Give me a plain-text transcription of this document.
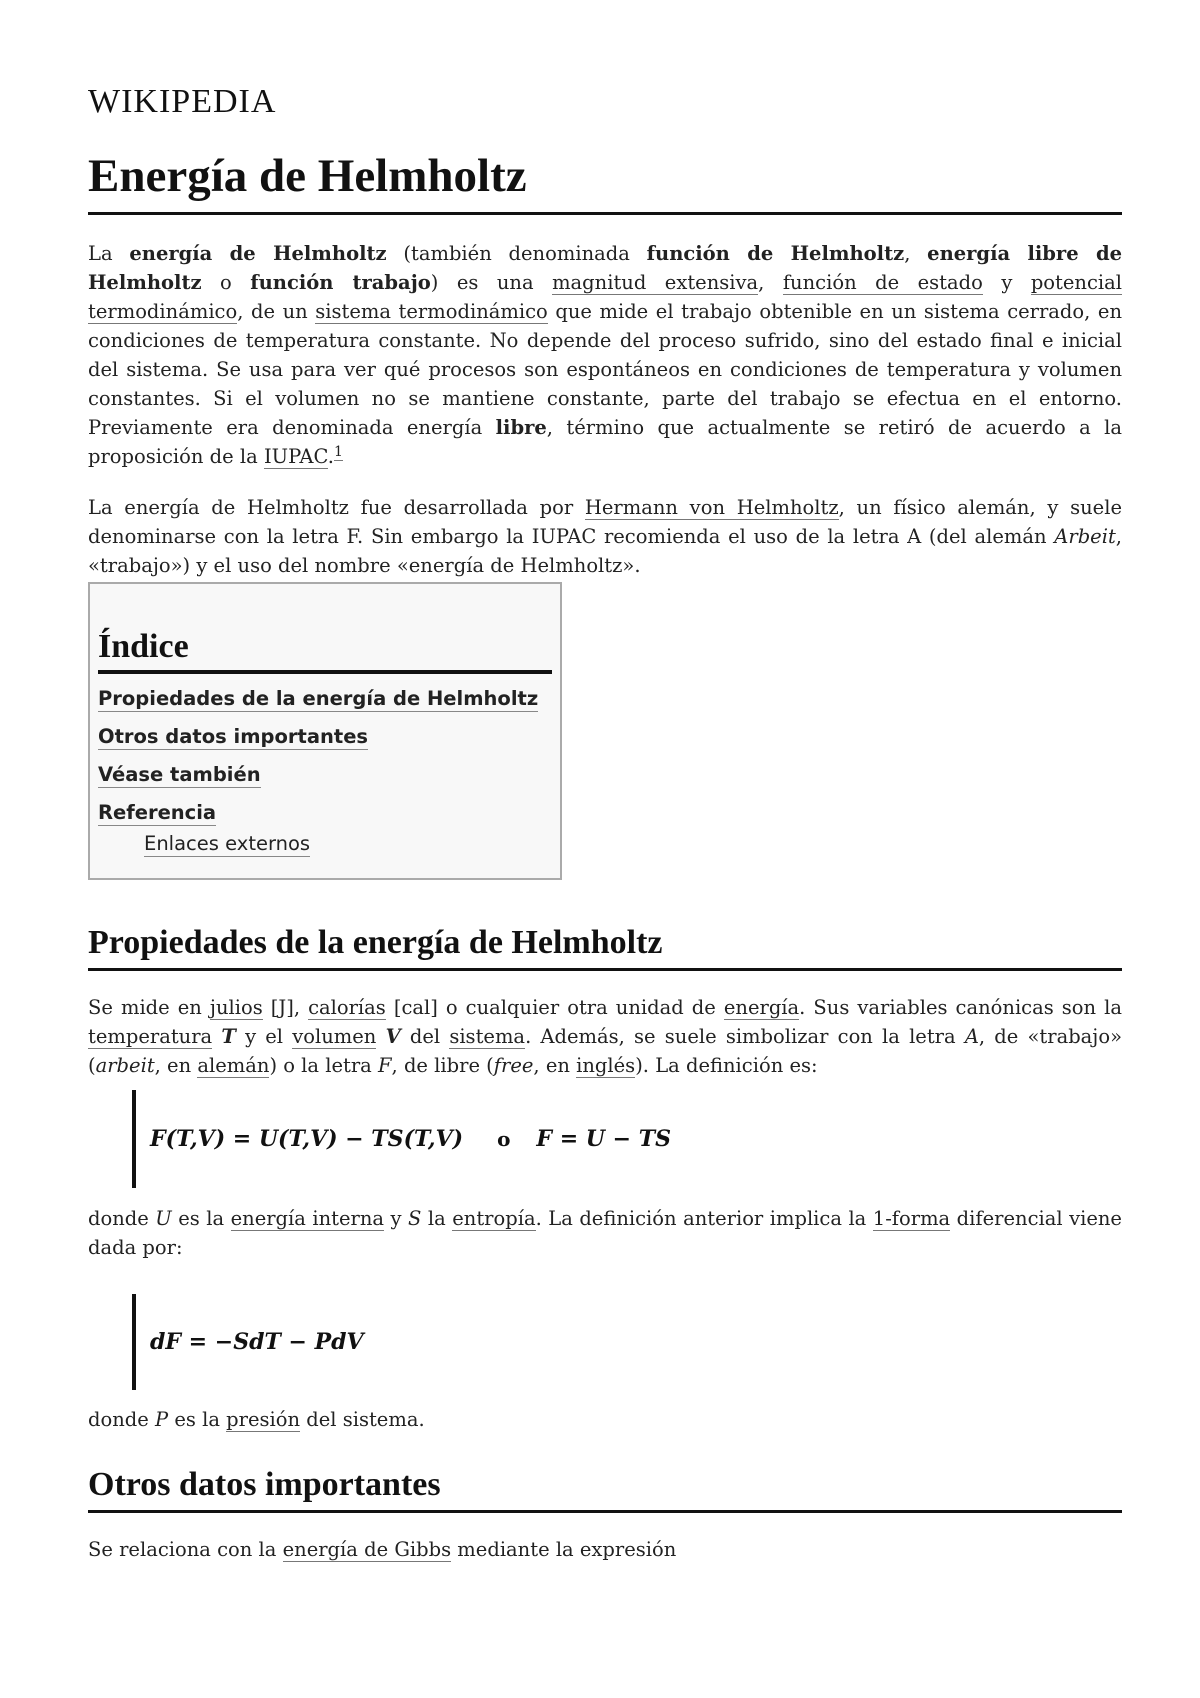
WIKIPEDIA
Energía de Helmholtz

La energía de Helmholtz (también denominada función de Helmholtz, energía libre de Helmholtz o función trabajo) es una magnitud extensiva, función de estado y potencial termodinámico, de un sistema termodinámico que mide el trabajo obtenible en un sistema cerrado, en condiciones de temperatura constante. No depende del proceso sufrido, sino del estado final e inicial del sistema. Se usa para ver qué procesos son espontáneos en condiciones de temperatura y volumen constantes. Si el volumen no se mantiene constante, parte del trabajo se efectua en el entorno. Previamente era denominada energía libre, término que actualmente se retiró de acuerdo a la proposición de la IUPAC.$^1$

La energía de Helmholtz fue desarrollada por Hermann von Helmholtz, un físico alemán, y suele denominarse con la letra F. Sin embargo la IUPAC recomienda el uso de la letra A (del alemán Arbeit, «trabajo») y el uso del nombre «energía de Helmholtz».

Índice
Propiedades de la energía de Helmholtz
Otros datos importantes
Véase también
Referencia
Enlaces externos
Propiedades de la energía de Helmholtz

Se mide en julios [J], calorías [cal] o cualquier otra unidad de energía. Sus variables canónicas son la temperatura T y el volumen V del sistema. Además, se suele simbolizar con la letra A, de «trabajo» (arbeit, en alemán) o la letra F, de libre (free, en inglés). La definición es:

F(T,V) = U(T,V) − TS(T,V) o F = U − TS

donde U es la energía interna y S la entropía. La definición anterior implica la 1-forma diferencial viene dada por:

dF = −SdT − PdV

donde P es la presión del sistema.

Otros datos importantes

Se relaciona con la energía de Gibbs mediante la expresión
